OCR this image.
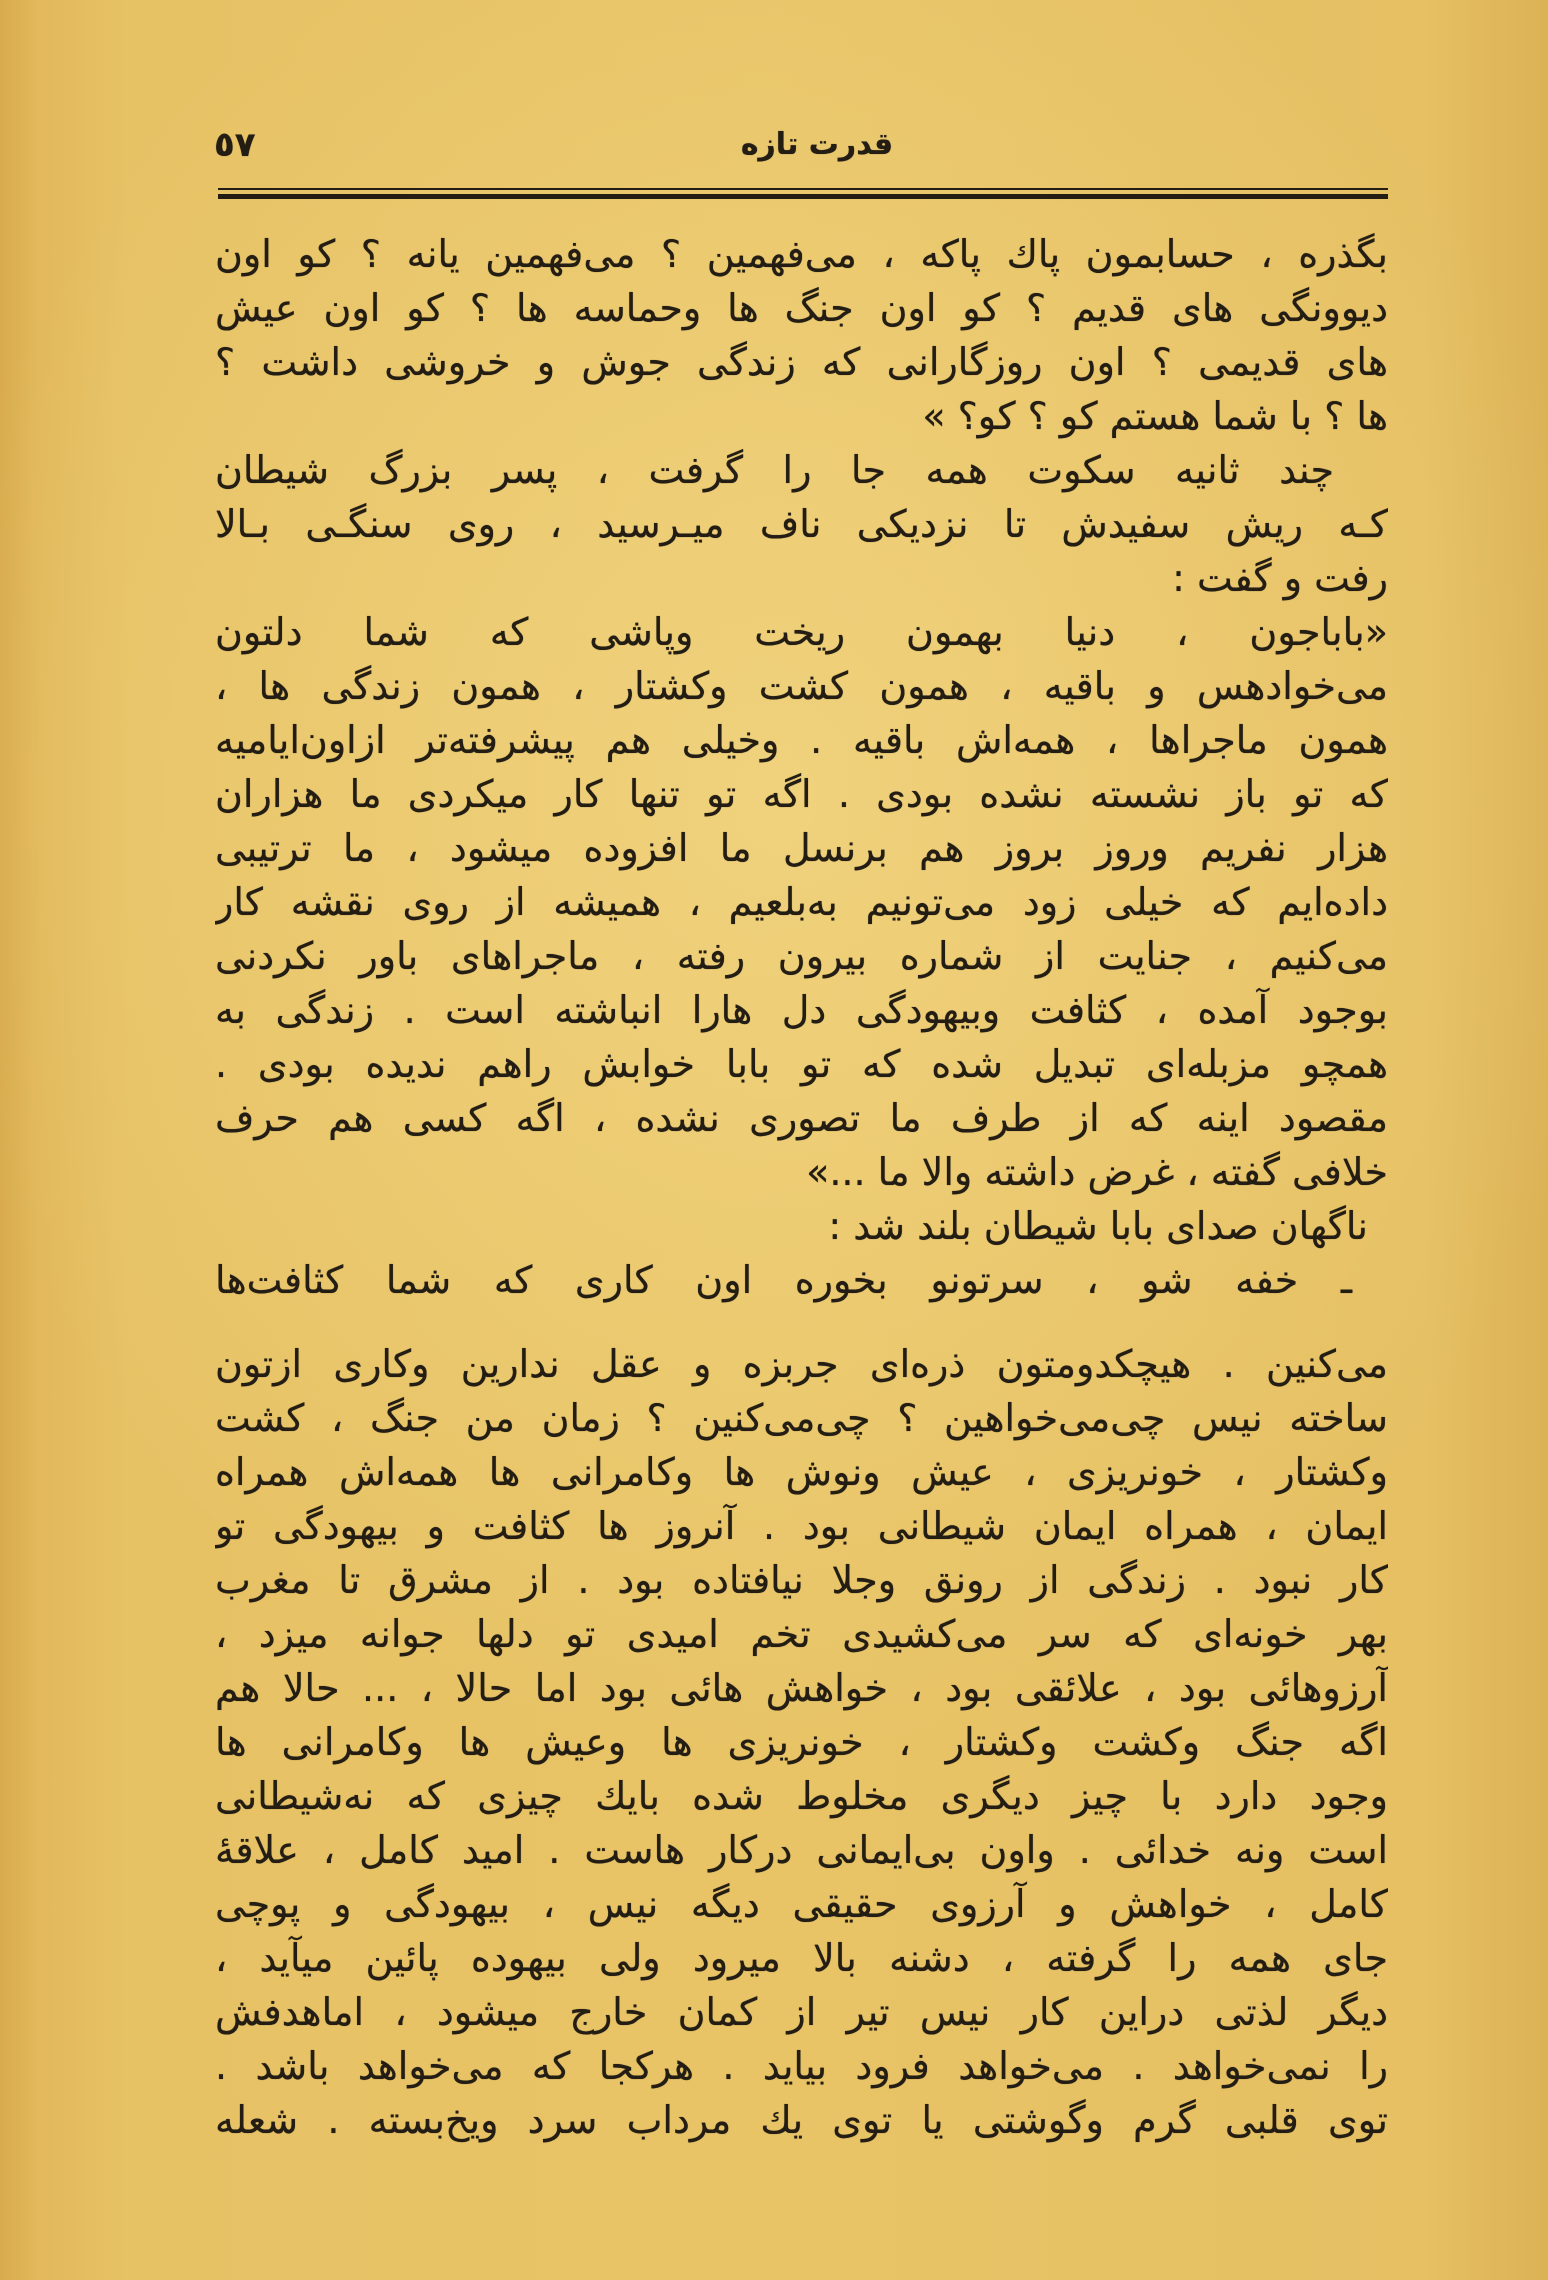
٥٧	قدرت تازه
بگذره ، حسابمون پاك پاكه ، می‌فهمین ؟ می‌فهمین یانه ؟ کو اون
دیوونگی های قدیم ؟ کو اون جنگ ها وحماسه ها ؟ کو اون عیش
های قدیمی ؟ اون روزگارانی که زندگی جوش و خروشی داشت ؟
ها ؟ با شما هستم کو ؟ کو؟ »
چند ثانیه سکوت همه جا را گرفت ، پسر بزرگ شیطان
کـه ریش سفیدش تا نزدیکی ناف میـرسید ، روی سنگـی بـالا
رفت و گفت :
«باباجون ، دنیا بهمون ریخت وپاشی که شما دلتون
می‌خوادهس و باقیه ، همون کشت وکشتار ، همون زندگی ها ،
همون ماجراها ، همه‌اش باقیه . وخیلی هم پیشرفته‌تر ازاون‌ایامیه
که تو باز نشسته نشده بودی . اگه تو تنها کار میکردی ما هزاران
هزار نفریم وروز بروز هم برنسل ما افزوده میشود ، ما ترتیبی
داده‌ایم که خیلی زود می‌تونیم به‌بلعیم ، همیشه از روی نقشه کار
می‌کنیم ، جنایت از شماره بیرون رفته ، ماجراهای باور نکردنی
بوجود آمده ، کثافت وبیهودگی دل هارا انباشته است . زندگی به
همچو مزبله‌ای تبدیل شده که تو بابا خوابش راهم ندیده بودی .
مقصود اینه که از طرف ما تصوری نشده ، اگه کسی هم حرف
خلافی گفته ، غرض داشته والا ما ...»
ناگهان صدای بابا شیطان بلند شد :
ـ خفه شو ، سرتونو بخوره اون کاری که شما کثافت‌ها
می‌کنین . هیچکدومتون ذره‌ای جربزه و عقل ندارین وکاری ازتون
ساخته نیس چی‌می‌خواهین ؟ چی‌می‌کنین ؟ زمان من جنگ ، کشت
وکشتار ، خونریزی ، عیش ونوش ها وکامرانی ها همه‌اش همراه
ایمان ، همراه ایمان شیطانی بود . آنروز ها کثافت و بیهودگی تو
کار نبود . زندگی از رونق وجلا نیافتاده بود . از مشرق تا مغرب
بهر خونه‌ای که سر می‌کشیدی تخم امیدی تو دلها جوانه میزد ،
آرزوهائی بود ، علائقی بود ، خواهش هائی بود اما حالا ، ... حالا هم
اگه جنگ وکشت وکشتار ، خونریزی ها وعیش ها وکامرانی ها
وجود دارد با چیز دیگری مخلوط شده بایك چیزی که نه‌شیطانی
است ونه خدائی . واون بی‌ایمانی درکار هاست . امید کامل ، علاقهٔ
کامل ، خواهش و آرزوی حقیقی دیگه نیس ، بیهودگی و پوچی
جای همه را گرفته ، دشنه بالا میرود ولی بیهوده پائین میآید ،
دیگر لذتی دراین کار نیس تیر از کمان خارج میشود ، اماهدفش
را نمی‌خواهد . می‌خواهد فرود بیاید . هرکجا که می‌خواهد باشد .
توی قلبی گرم وگوشتی یا توی یك مرداب سرد ویخ‌بسته . شعله
